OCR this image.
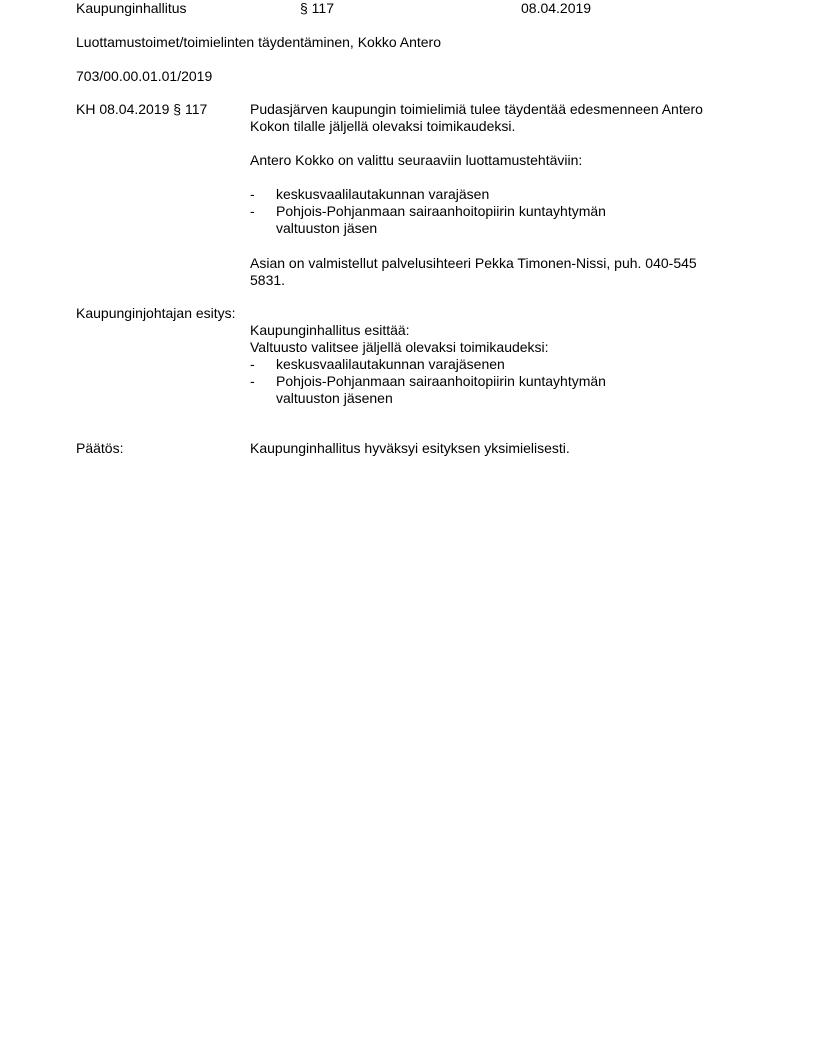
Kaupunginhallitus	§ 117	08.04.2019
Luottamustoimet/toimielinten täydentäminen, Kokko Antero
703/00.00.01.01/2019
KH 08.04.2019 § 117	Pudasjärven kaupungin toimielimiä tulee täydentää edesmenneen Antero
Kokon tilalle jäljellä olevaksi toimikaudeksi.
Antero Kokko on valittu seuraaviin luottamustehtäviin:
- keskusvaalilautakunnan varajäsen
- Pohjois-Pohjanmaan sairaanhoitopiirin kuntayhtymän
valtuuston jäsen
Asian on valmistellut palvelusihteeri Pekka Timonen-Nissi, puh. 040-545
5831.
Kaupunginjohtajan esitys:
Kaupunginhallitus esittää:
Valtuusto valitsee jäljellä olevaksi toimikaudeksi:
- keskusvaalilautakunnan varajäsenen
- Pohjois-Pohjanmaan sairaanhoitopiirin kuntayhtymän
valtuuston jäsenen
Päätös:	Kaupunginhallitus hyväksyi esityksen yksimielisesti.
